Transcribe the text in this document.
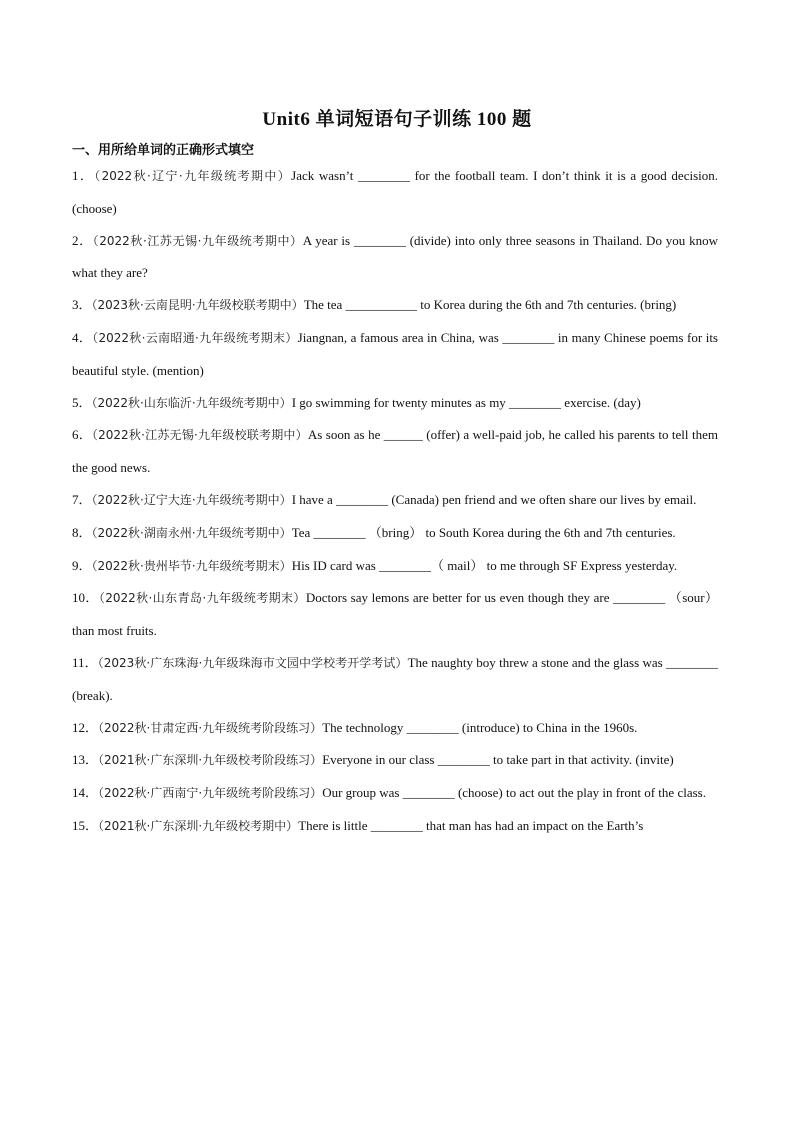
Unit6 单词短语句子训练 100 题
一、用所给单词的正确形式填空
1．（2022秋·辽宁·九年级统考期中）Jack wasn’t ________ for the football team. I don’t think it is a good decision. (choose)
2．（2022秋·江苏无锡·九年级统考期中）A year is ________ (divide) into only three seasons in Thailand. Do you know what they are?
3．（2023秋·云南昆明·九年级校联考期中）The tea ___________ to Korea during the 6th and 7th centuries. (bring)
4．（2022秋·云南昭通·九年级统考期末）Jiangnan, a famous area in China, was ________ in many Chinese poems for its beautiful style. (mention)
5．（2022秋·山东临沂·九年级统考期中）I go swimming for twenty minutes as my ________ exercise. (day)
6．（2022秋·江苏无锡·九年级校联考期中）As soon as he ______ (offer) a well-paid job, he called his parents to tell them the good news.
7．（2022秋·辽宁大连·九年级统考期中）I have a ________ (Canada) pen friend and we often share our lives by email.
8．（2022秋·湖南永州·九年级统考期中）Tea ________ （bring） to South Korea during the 6th and 7th centuries.
9．（2022秋·贵州毕节·九年级统考期末）His ID card was ________（ mail） to me through SF Express yesterday.
10．（2022秋·山东青岛·九年级统考期末）Doctors say lemons are better for us even though they are ________ （sour）than most fruits.
11．（2023秋·广东珠海·九年级珠海市文园中学校考开学考试）The naughty boy threw a stone and the glass was ________ (break).
12．（2022秋·甘肃定西·九年级统考阶段练习）The technology ________ (introduce) to China in the 1960s.
13．（2021秋·广东深圳·九年级校考阶段练习）Everyone in our class ________ to take part in that activity. (invite)
14．（2022秋·广西南宁·九年级统考阶段练习）Our group was ________ (choose) to act out the play in front of the class.
15．（2021秋·广东深圳·九年级校考期中）There is little ________ that man has had an impact on the Earth’s
